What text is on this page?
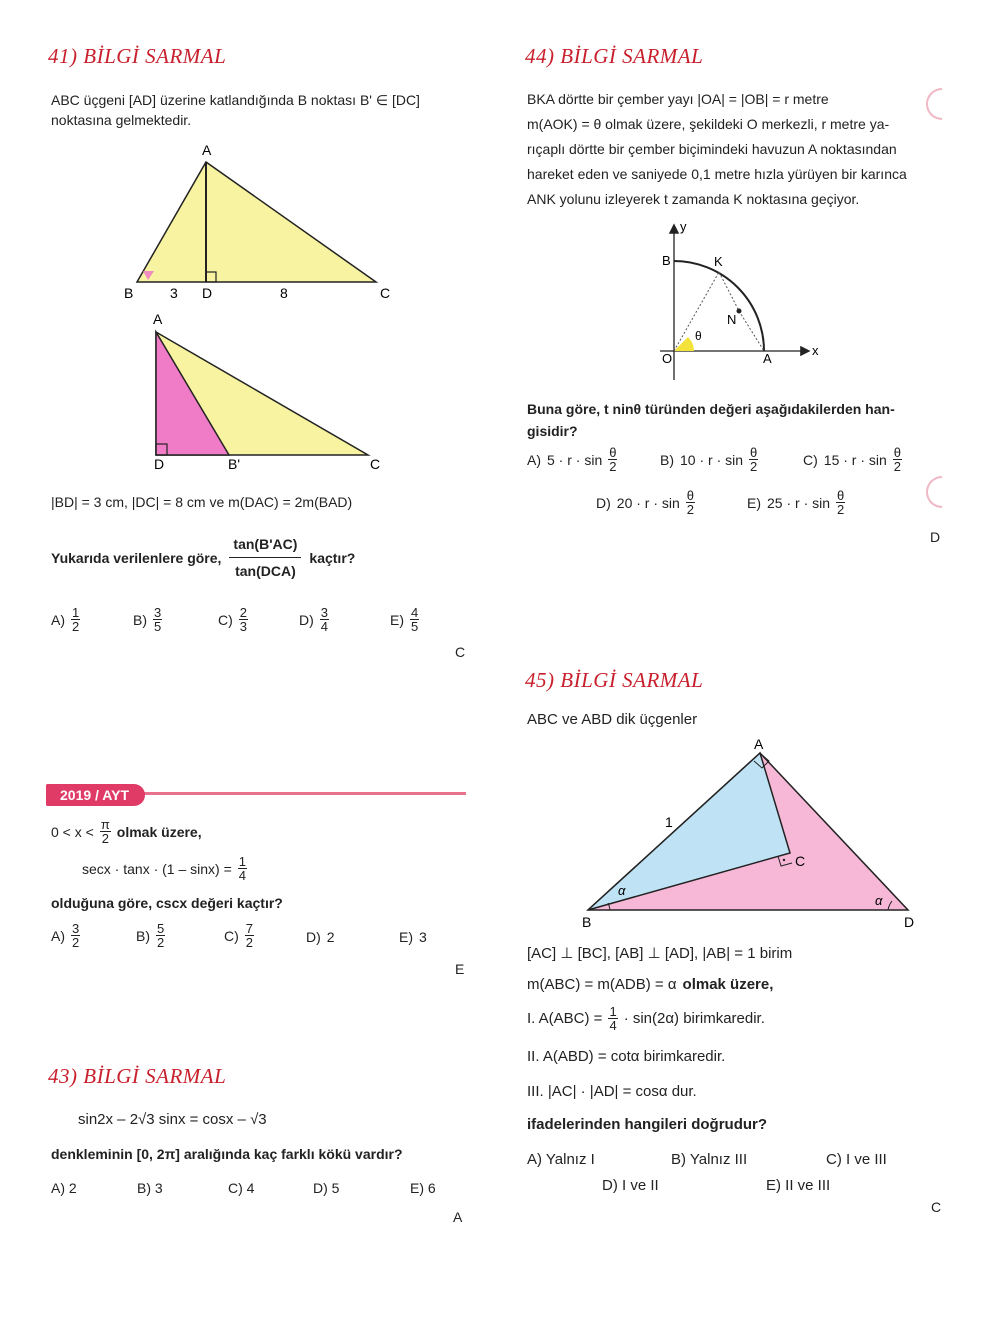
41) BİLGİ SARMAL
ABC üçgeni [AD] üzerine katlandığında B noktası B' ∈ [DC] noktasına gelmektedir.
A
B	D	C
3	8
A
D	B'	C
|BD| = 3 cm, |DC| = 8 cm ve m(DAC) = 2m(BAD)
Yukarıda verilenlere göre,
tan(B'AC)
tan(DCA)
kaçtır?
$A) \frac{1}{2}$	$B) \frac{3}{5}$	$C) \frac{2}{3}$	$D) \frac{3}{4}$	$E) \frac{4}{5}$
C
2019 / AYT
$0 < x < \frac{\pi}{2}$ olmak üzere,
$\sec x \cdot \tan x \cdot (1 - \sin x) = \frac{1}{4}$
olduğuna göre, cscx değeri kaçtır?
$A) \frac{3}{2}$	$B) \frac{5}{2}$	$C) \frac{7}{2}$	D) 2	E) 3
E
43) BİLGİ SARMAL
sin2x – 2√3 sinx = cosx – √3
denkleminin [0, 2π] aralığında kaç farklı kökü vardır?
A) 2	B) 3	C) 4	D) 5	E) 6
A
44) BİLGİ SARMAL
BKA dörtte bir çember yayı |OA| = |OB| = r metre
m(AOK) = θ olmak üzere, şekildeki O merkezli, r metre ya-
rıçaplı dörtte bir çember biçimindeki havuzun A noktasından
hareket eden ve saniyede 0,1 metre hızla yürüyen bir karınca
ANK yolunu izleyerek t zamanda K noktasına geçiyor.
y
x
B	K
N
O	A
θ
Buna göre, t ninθ türünden değeri aşağıdakilerden han-
gisidir?
A) $5 \cdot r \cdot \sin \frac{\theta}{2}$	B) $10 \cdot r \cdot \sin \frac{\theta}{2}$	C) $15 \cdot r \cdot \sin \frac{\theta}{2}$
D) $20 \cdot r \cdot \sin \frac{\theta}{2}$	E) $25 \cdot r \cdot \sin \frac{\theta}{2}$
D
45) BİLGİ SARMAL
ABC ve ABD dik üçgenler
A
B
C
D
1
α
α
[AC] ⊥ [BC], [AB] ⊥ [AD], |AB| = 1 birim
m(ABC) = m(ADB) = α olmak üzere,
I. $A(ABC) = \frac{1}{4} \cdot \sin(2\alpha)$ birimkaredir.
II. A(ABD) = cotα birimkaredir.
III. |AC| · |AD| = cosα dur.
ifadelerinden hangileri doğrudur?
A) Yalnız I	B) Yalnız III	C) I ve III
D) I ve II	E) II ve III
C
